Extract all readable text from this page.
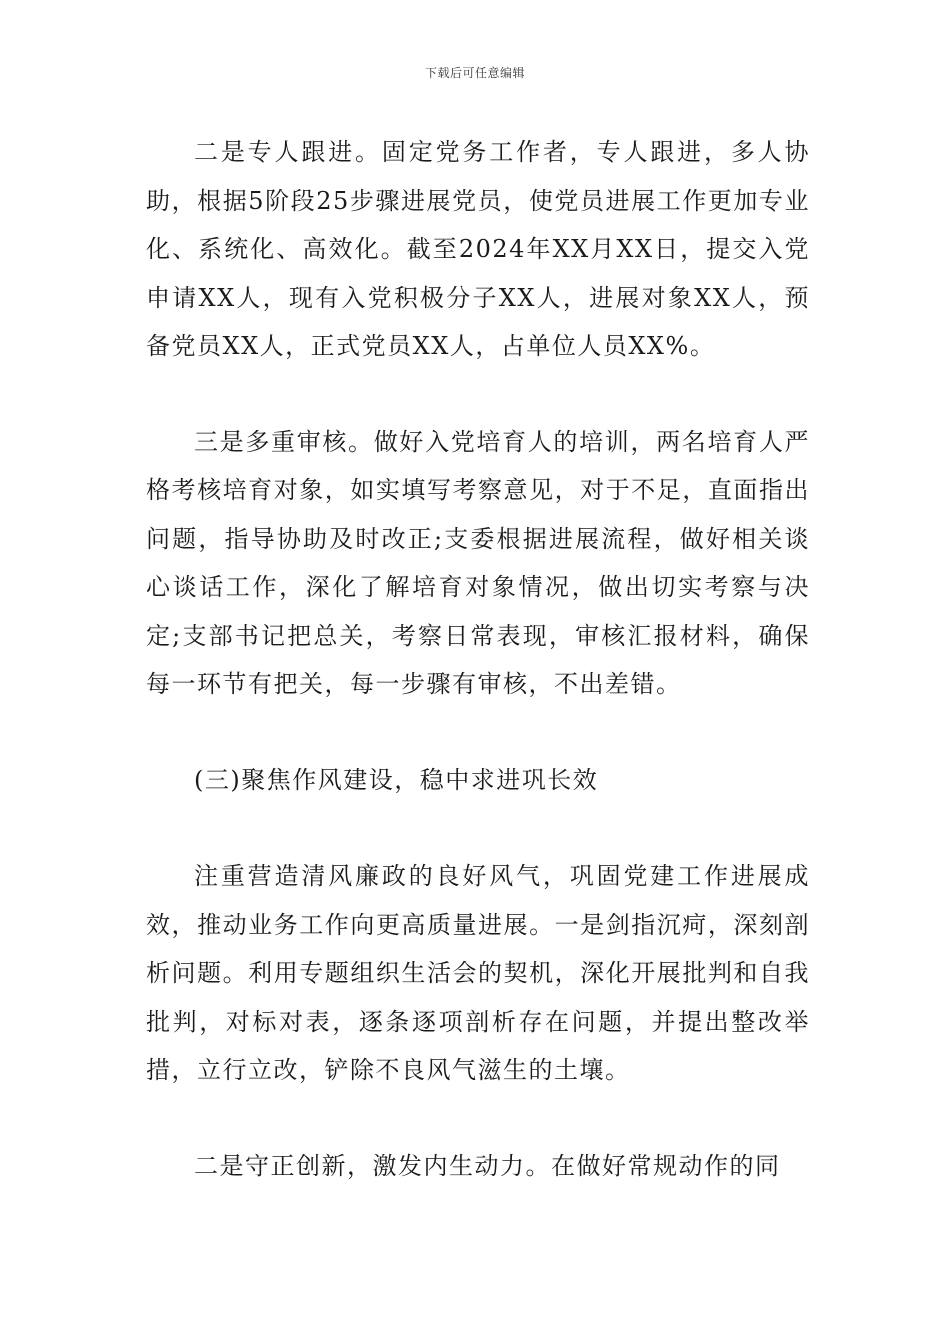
下载后可任意编辑

二是专人跟进。固定党务工作者，专人跟进，多人协助，根据5阶段25步骤进展党员，使党员进展工作更加专业化、系统化、高效化。截至2024年XX月XX日，提交入党申请XX人，现有入党积极分子XX人，进展对象XX人，预备党员XX人，正式党员XX人，占单位人员XX%。

三是多重审核。做好入党培育人的培训，两名培育人严格考核培育对象，如实填写考察意见，对于不足，直面指出问题，指导协助及时改正;支委根据进展流程，做好相关谈心谈话工作，深化了解培育对象情况，做出切实考察与决定;支部书记把总关，考察日常表现，审核汇报材料，确保每一环节有把关，每一步骤有审核，不出差错。

(三)聚焦作风建设，稳中求进巩长效

注重营造清风廉政的良好风气，巩固党建工作进展成效，推动业务工作向更高质量进展。一是剑指沉疴，深刻剖析问题。利用专题组织生活会的契机，深化开展批判和自我批判，对标对表，逐条逐项剖析存在问题，并提出整改举措，立行立改，铲除不良风气滋生的土壤。

二是守正创新，激发内生动力。在做好常规动作的同
